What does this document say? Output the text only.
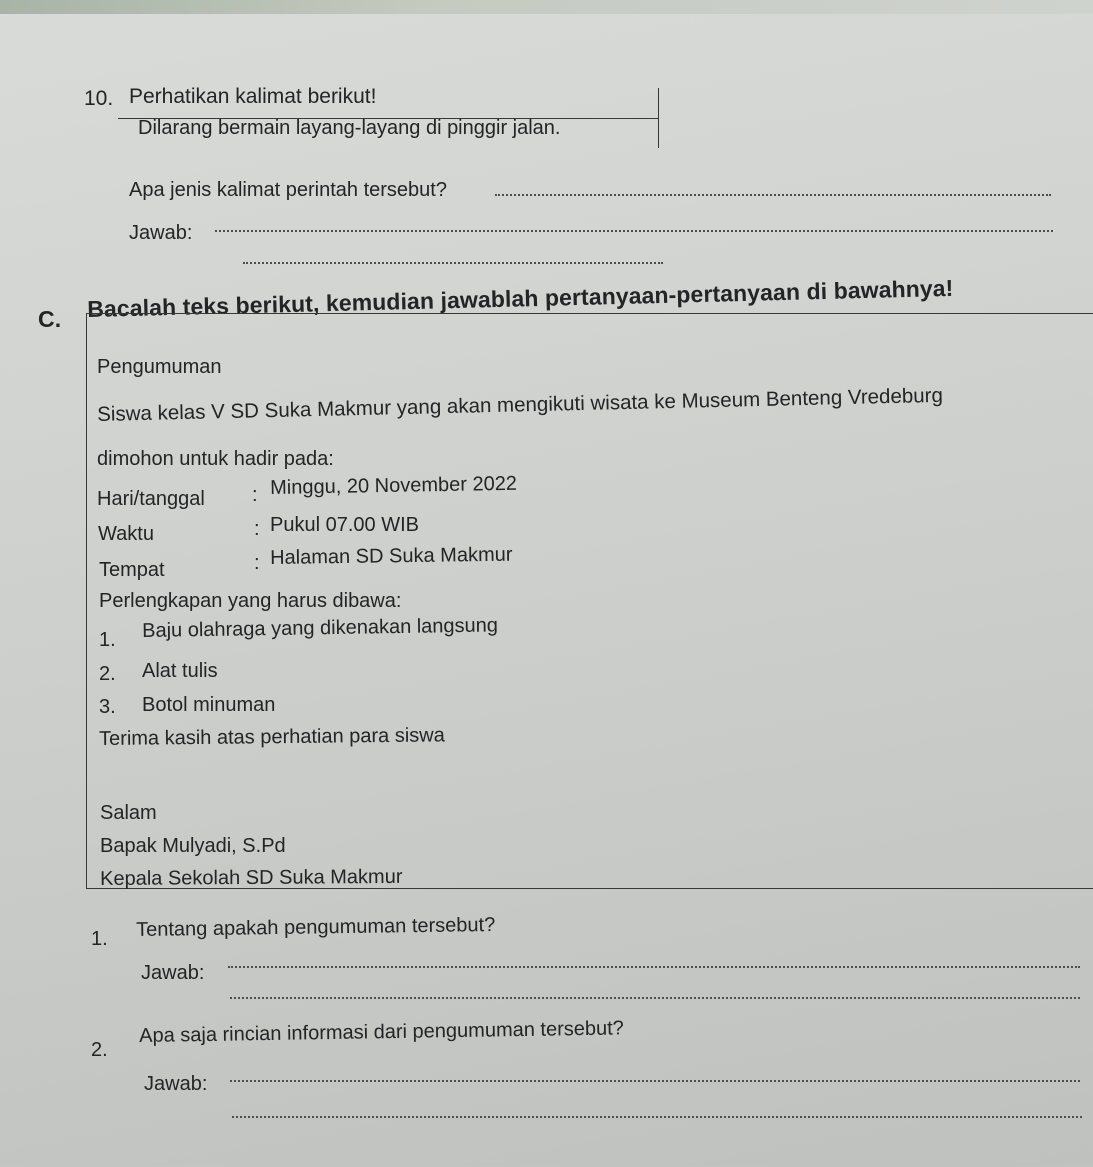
10. Perhatikan kalimat berikut!
Dilarang bermain layang-layang di pinggir jalan.
Apa jenis kalimat perintah tersebut?
Jawab:
C. Bacalah teks berikut, kemudian jawablah pertanyaan-pertanyaan di bawahnya!
Pengumuman
Siswa kelas V SD Suka Makmur yang akan mengikuti wisata ke Museum Benteng Vredeburg
dimohon untuk hadir pada:
Hari/tanggal : Minggu, 20 November 2022
Waktu	: Pukul 07.00 WIB
Tempat	: Halaman SD Suka Makmur
Perlengkapan yang harus dibawa:
1. Baju olahraga yang dikenakan langsung
2. Alat tulis
3. Botol minuman
Terima kasih atas perhatian para siswa
Salam
Bapak Mulyadi, S.Pd
Kepala Sekolah SD Suka Makmur
1. Tentang apakah pengumuman tersebut?
Jawab:
2.
Apa saja rincian informasi dari pengumuman tersebut?
Jawab:
